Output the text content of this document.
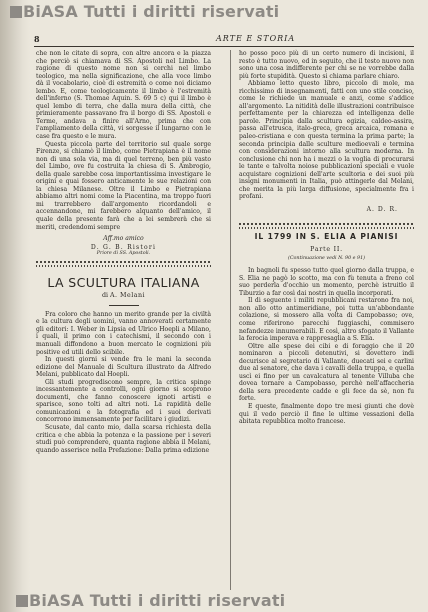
BiASA Tutti i diritti riservati
8	ARTE E STORIA

che non le citate di sopra, con altre ancora e la piazza che perciò si chiamava di SS. Apostoli nel Limbo. La ragione di questo nome non si cerchi nel limbo teologico, ma nella significazione, che alla voce limbo dà il vocabolario, cioè di estremità o come noi diciamo lembo. E, come teologicamente il limbo è l'estremità dell'inferno (S. Thomae Aquin. S. 69 5 c) qui il limbo è quel lembo di terra, che dalla mura della città, che primieramente passavano fra il borgo di SS. Apostoli e Terme, andava a finire all'Arno, prima che con l'ampliamento della città, vi sorgesse il lungarno con le case fra questo e le mura.

Questa piccola parte del territorio sul quale sorge Firenze, si chiamò il limbo, come Pietrapiana è il nome non di una sola via, ma di quel terreno, ben più vasto del Limbo, ove fu costruita la chiesa di S. Ambrogio, della quale sarebbe cosa importantissima investigare le origini e quai fossero anticamente le sue relazioni con la chiesa Milanese. Oltre il Limbo e Pietrapiana abbiamo altri nomi come la Piacentina, ma troppo fuori mi trarrebbero dall'argomento ricordandoli e accennandone, mi farebbero alquanto dell'amico, il quale della presente farà che a lei sembrerà che si meriti, credendomi sempre

Aff.mo amico
D. G. B. Ristori
Priore di SS. Apostoli.
LA SCULTURA ITALIANA
di A. Melani

Fra coloro che hanno un merito grande per la civiltà e la cultura degli uomini, vanno annoverati certamente gli editori: I. Weber in Lipsia ed Ulrico Hoepli a Milano, i quali, il primo con i catechismi, il secondo con i manuali diffondono a buon mercato le cognizioni più positive ed utili dello scibile.

In questi giorni si vende fra le mani la seconda edizione del Manuale di Scultura illustrato da Alfredo Melani, pubblicato dal Hoepli.

Gli studi progrediscono sempre, la critica spinge incessantemente a controlli, ogni giorno si scoprono documenti, che fanno conoscere ignoti artisti e sparisce, sono tolti ad altri noti. La rapidità delle comunicazioni e la fotografia ed i suoi derivati concorrono immensamente per facilitare i giudizi.

Scusate, dal canto mio, dalla scarsa richiesta della critica e che abbia la potenza e la passione per i severi studi può comprendere, quanta ragione abbia il Melani, quando asserisce nella Prefazione: Dalla prima edizione

ho posso poco più di un certo numero di incisioni, il resto è tutto nuovo, ed in seguito, che il testo nuovo non sono una cosa indifferente per chi se ne vorrebbe dalla più forte stupidità. Questo si chiama parlare chiaro.

Abbiamo letto questo libro, piccolo di mole, ma ricchissimo di insegnamenti, fatti con uno stile conciso, come le richiede un manuale e anzi, come s'addice all'argomento. La nitidità delle illustrazioni contribuisce perfettamente per la chiarezza ed intelligenza delle parole. Principia dalla scultura egizia, caldeo-assira, passa all'etrusca, italo-greca, greca arcaica, romana e paleo-cristiana e con questa termina la prima parte; la seconda principia dalle sculture medioevali e termina con considerazioni intorno alla scultura moderna. In conclusione chi non ha i mezzi o la voglia di procurarsi le tante e talvolta noiose pubblicazioni speciali e vuole acquistare cognizioni dell'arte scultoria e dei suoi più insigni monumenti in Italia, può attingerle dal Melani, che merita la più larga diffusione, specialmente fra i profani.

A. D. R.
IL 1799 IN S. ELIA A PIANISI
Parte II.
(Continuazione vedi N. 90 e 91)

In bagnoli fu spesso tutto quel giorno dalla truppa, e S. Elia ne pagò lo scotto, ma con fù tenuta a freno col suo perderla d'occhio un momento, perchè istruitlo il Tiburzio a far così dai nostri in quella incorporati.

Il di seguente i militi repubblicani restarono fra noi, non allo otto antimeridiane, poi tutta un'abbondante colazione, si mossero alla volta di Campobasso; ove, come riferirono parecchi fuggiaschi, commisero nefandezze innumerabili. E così, altro sfogato il Vallante la ferocia imperava e rappresaglia a S. Elia.

Oltre alle spese dei cibi e di foraggio che il 20 nominaron a piccoli detenutivi, si dovettero indi decurisce al segretario di Vallante, duecati sei e carlini due al senatore, che dava i cavalli della truppa, e quella uscì ei fino per un cavalcatura al tenente Villuba che dovea tornare a Campobasso, perchè nell'affaccheria della sera precedente cadde e gli fece da sè, non fu forte.

E queste, finalmente dopo tre mesi giunti che dovè qui il vedo perciò il fine le ultime vessazioni della abitata repubblica molto francese.

BiASA Tutti i diritti riservati
